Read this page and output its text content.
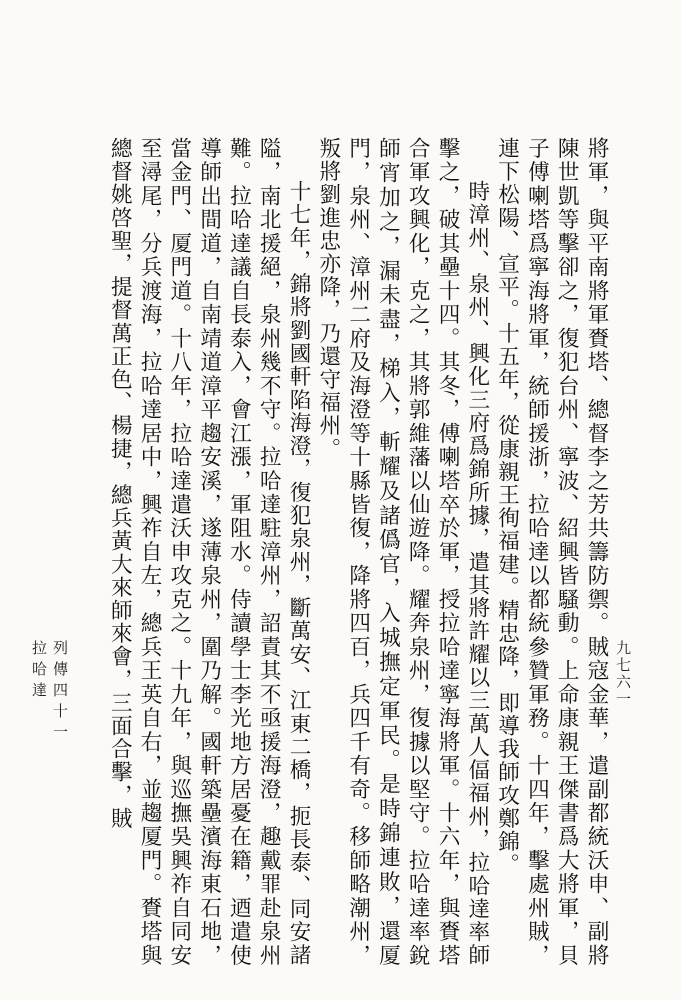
將軍，與平南將軍賚塔、總督李之芳共籌防禦。賊寇金華，遣副都統沃申、副將陳世凱等擊卻之，復犯台州、寧波、紹興皆騷動。上命康親王傑書爲大將軍，貝子傅喇塔爲寧海將軍，統師援浙，拉哈達以都統參贊軍務。十四年，擊處州賊，連下松陽、宣平。十五年，從康親王徇福建。精忠降，即導我師攻鄭錦。

時漳州、泉州、興化三府爲錦所據，遣其將許耀以三萬人偪福州，拉哈達率師擊之，破其壘十四。其冬，傅喇塔卒於軍，授拉哈達寧海將軍。十六年，與賚塔合軍攻興化，克之，其將郭維藩以仙遊降。耀奔泉州，復據以堅守。拉哈達率銳師宵加之，漏未盡，梯入，斬耀及諸僞官，入城撫定軍民。是時錦連敗，還厦門，泉州、漳州二府及海澄等十縣皆復，降將四百，兵四千有奇。移師略潮州，叛將劉進忠亦降，乃還守福州。

十七年，錦將劉國軒陷海澄，復犯泉州，斷萬安、江東二橋，扼長泰、同安諸隘，南北援絕，泉州幾不守。拉哈達駐漳州，詔責其不亟援海澄，趣戴罪赴泉州難。拉哈達議自長泰入，會江漲，軍阻水。侍讀學士李光地方居憂在籍，迺遣使導師出間道，自南靖道漳平趨安溪，遂薄泉州，圍乃解。國軒築壘濱海東石地，當金門、厦門道。十八年，拉哈達遣沃申攻克之。十九年，與巡撫吳興祚自同安至潯尾，分兵渡海，拉哈達居中，興祚自左，總兵王英自右，並趨厦門。賚塔與總督姚啓聖，提督萬正色、楊捷，總兵黃大來師來會，三面合擊，賊

列傳四十一
拉哈達	九七六一
